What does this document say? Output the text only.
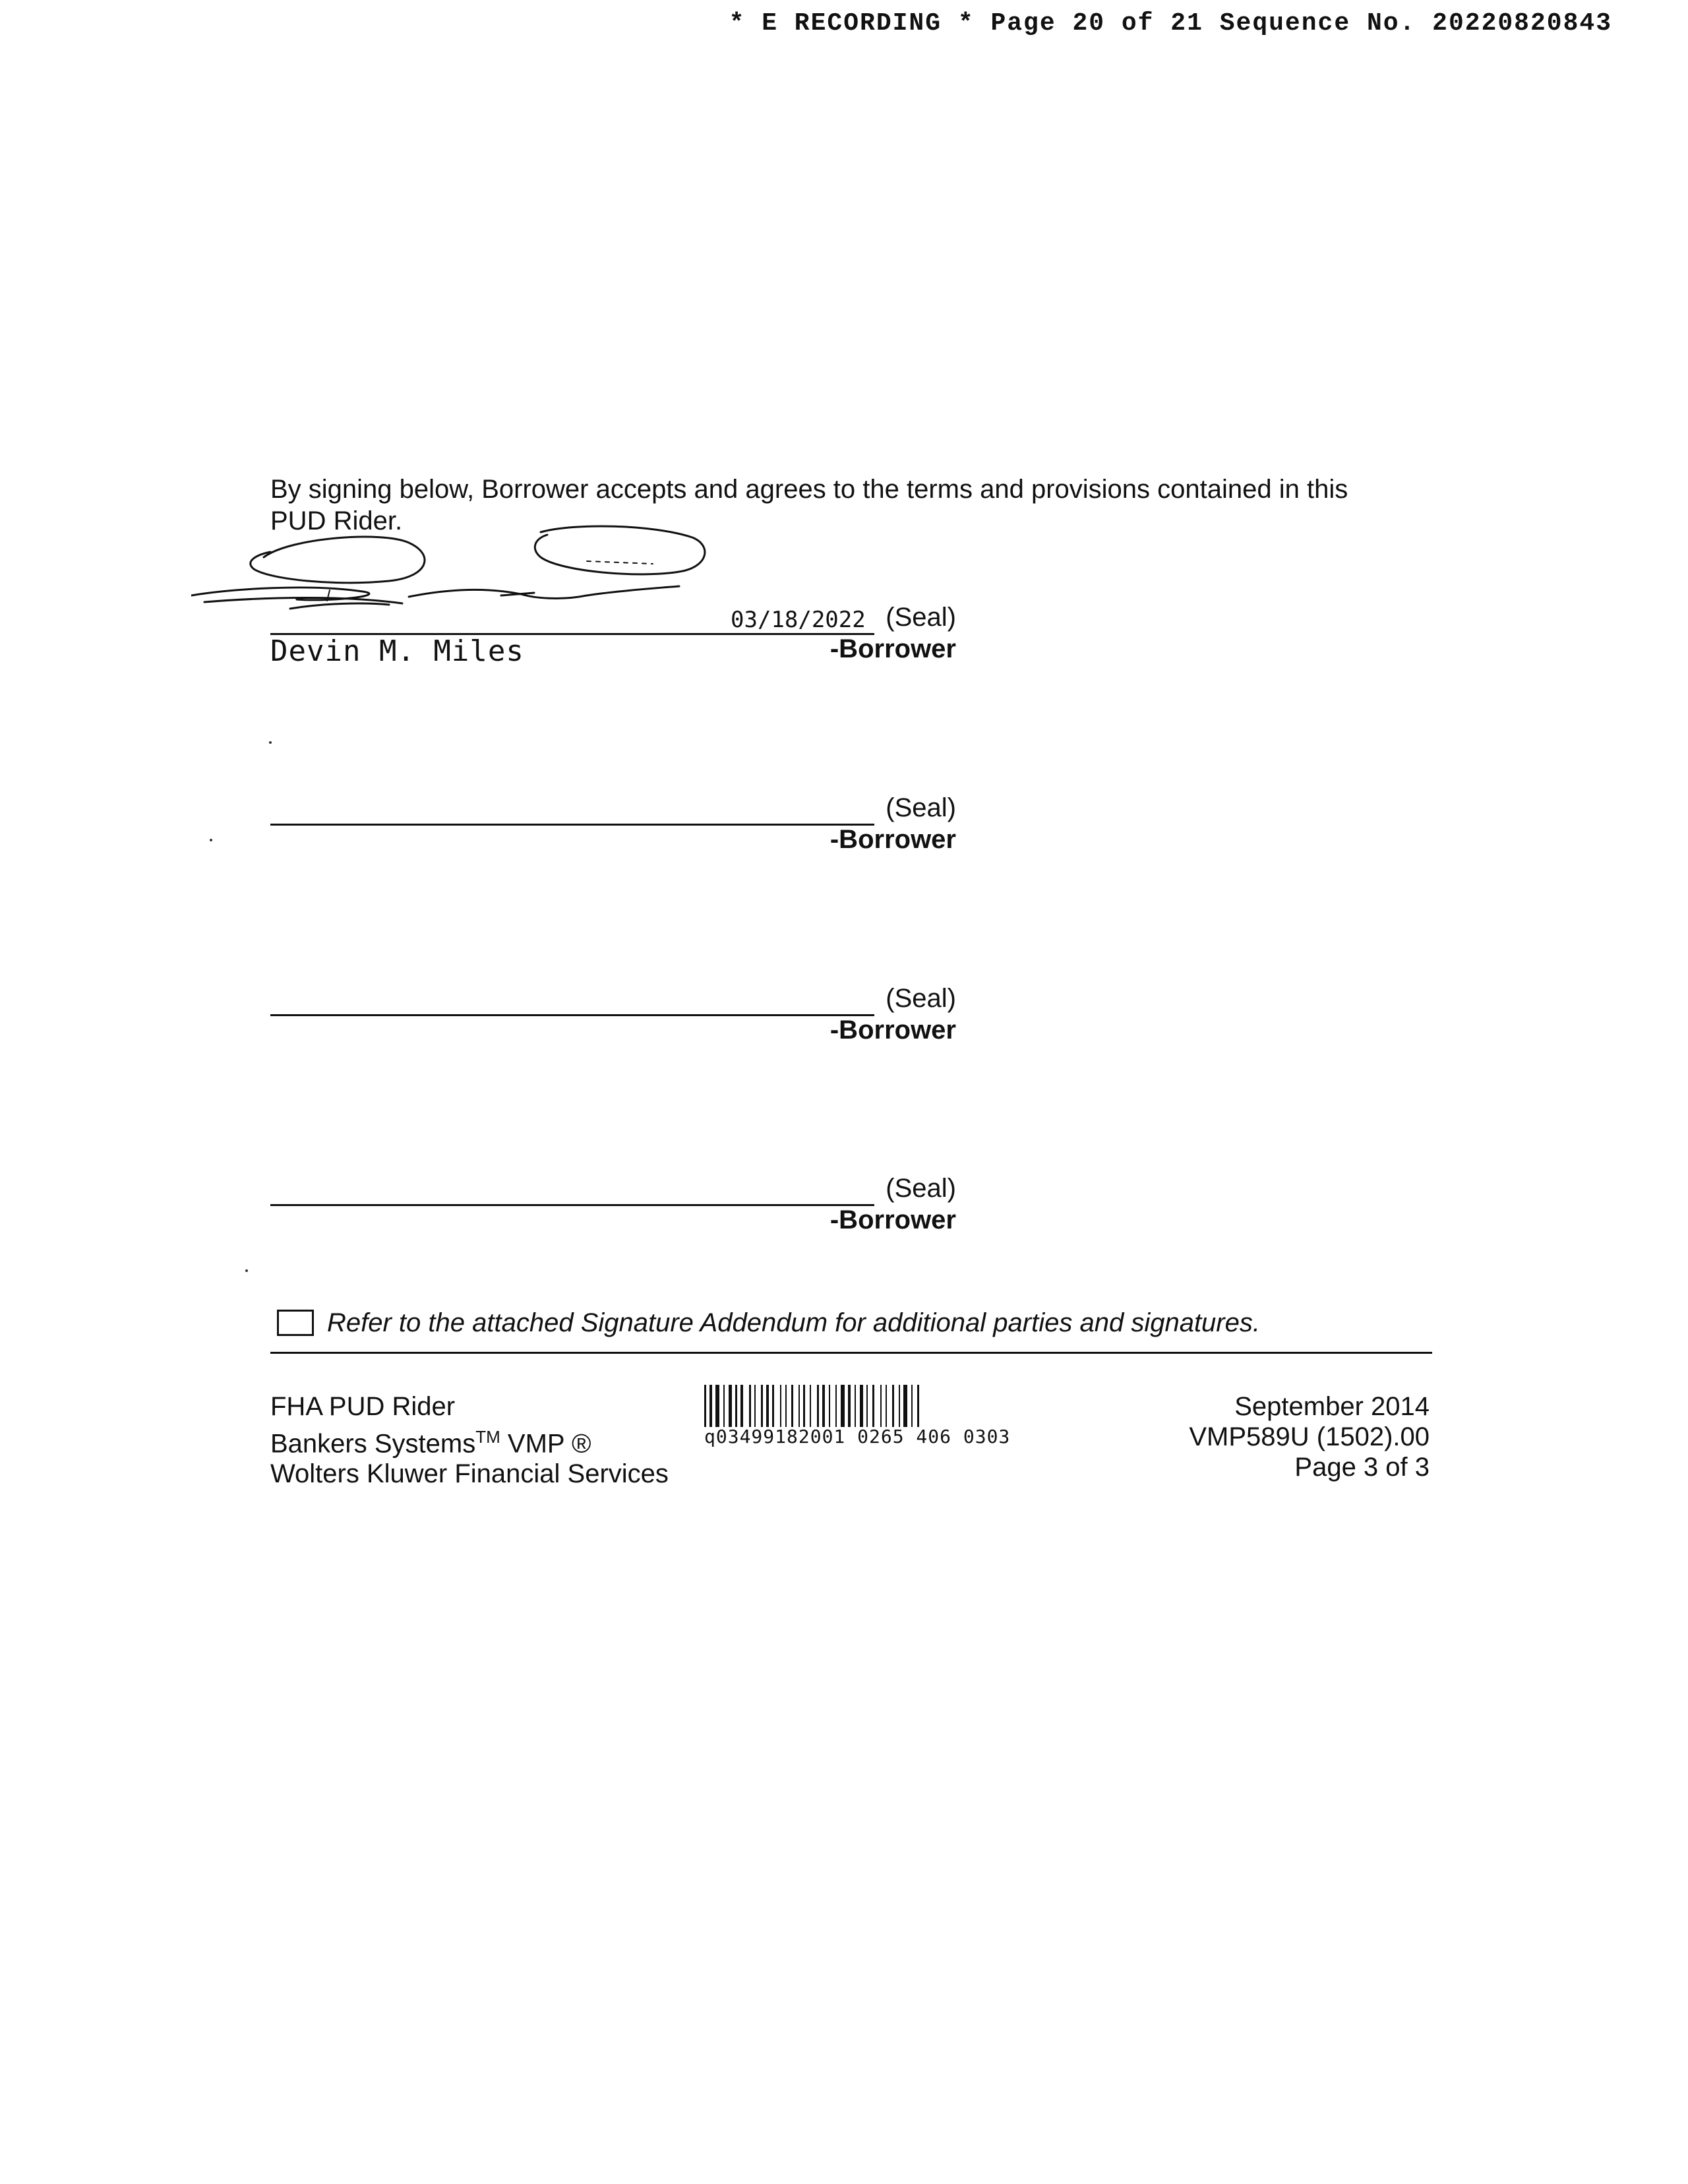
* E RECORDING * Page 20 of 21 Sequence No. 20220820843
By signing below, Borrower accepts and agrees to the terms and provisions contained in this PUD Rider.
03/18/2022 (Seal)
Devin M. Miles	-Borrower
(Seal)
-Borrower
(Seal)
-Borrower
(Seal)
-Borrower
Refer to the attached Signature Addendum for additional parties and signatures.
FHA PUD Rider
Bankers Systems™ VMP ®
Wolters Kluwer Financial Services
q03499182001 0265 406 0303
September 2014
VMP589U (1502).00
Page 3 of 3
